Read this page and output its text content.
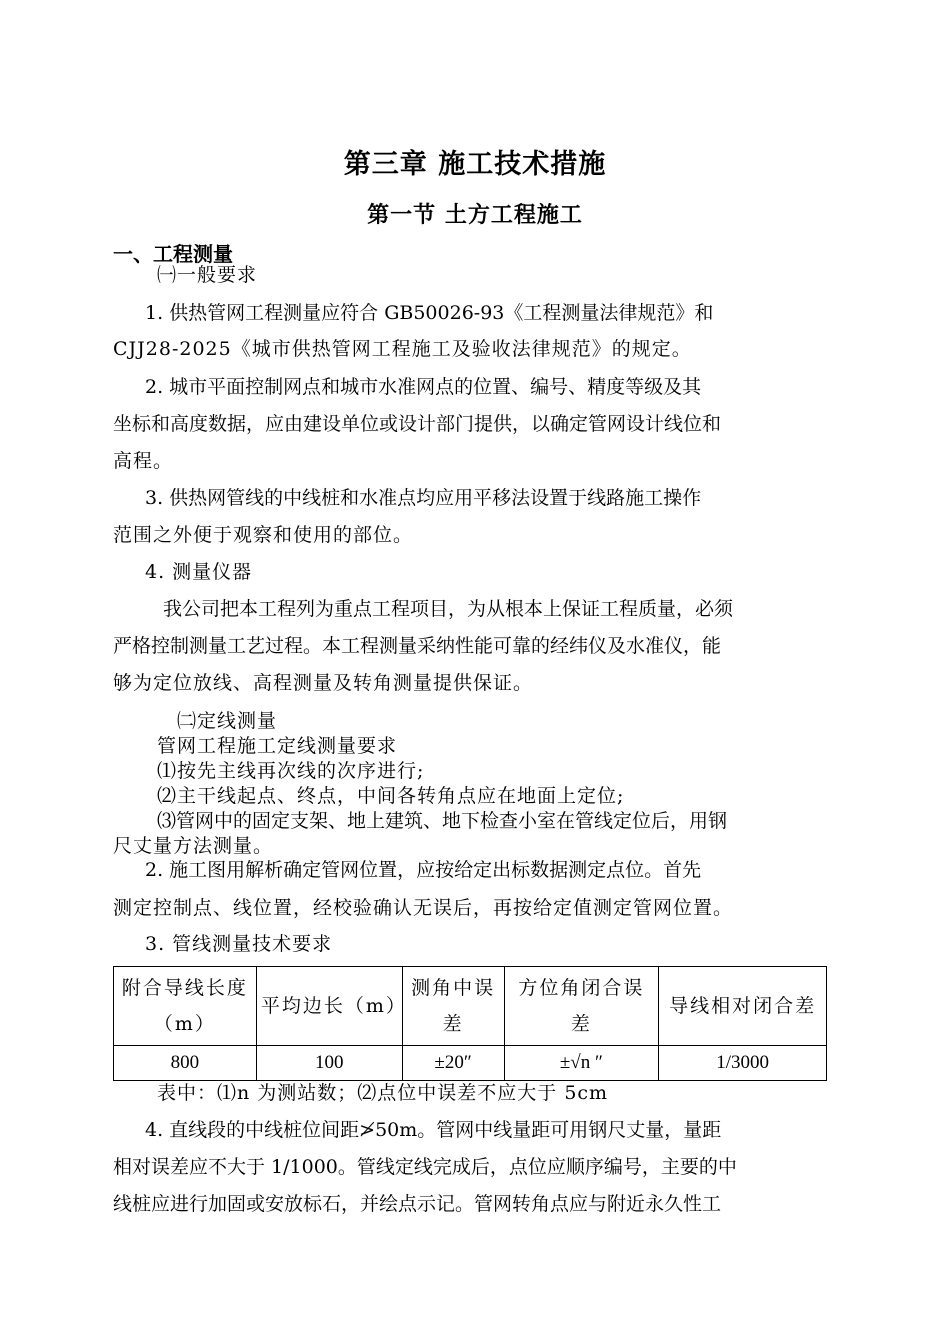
第三章 施工技术措施
第一节 土方工程施工
一、工程测量
㈠一般要求
1. 供热管网工程测量应符合 GB50026-93《工程测量法律规范》和
CJJ28-2025《城市供热管网工程施工及验收法律规范》的规定。
2. 城市平面控制网点和城市水准网点的位置、编号、精度等级及其
坐标和高度数据，应由建设单位或设计部门提供，以确定管网设计线位和
高程。
3. 供热网管线的中线桩和水准点均应用平移法设置于线路施工操作
范围之外便于观察和使用的部位。
4. 测量仪器
我公司把本工程列为重点工程项目，为从根本上保证工程质量，必须
严格控制测量工艺过程。本工程测量采纳性能可靠的经纬仪及水准仪，能
够为定位放线、高程测量及转角测量提供保证。
㈡定线测量
管网工程施工定线测量要求
⑴按先主线再次线的次序进行;
⑵主干线起点、终点，中间各转角点应在地面上定位;
⑶管网中的固定支架、地上建筑、地下检查小室在管线定位后，用钢
尺丈量方法测量。
2. 施工图用解析确定管网位置，应按给定出标数据测定点位。首先
测定控制点、线位置，经校验确认无误后，再按给定值测定管网位置。
3. 管线测量技术要求
附合导线长度（m）	平均边长（m）	测角中误差	方位角闭合误差	导线相对闭合差
800	100	±20″	±√n ″	1/3000
表中：⑴n 为测站数；⑵点位中误差不应大于 5cm
4. 直线段的中线桩位间距≯50m。管网中线量距可用钢尺丈量，量距
相对误差应不大于 1/1000。管线定线完成后，点位应顺序编号，主要的中
线桩应进行加固或安放标石，并绘点示记。管网转角点应与附近永久性工
